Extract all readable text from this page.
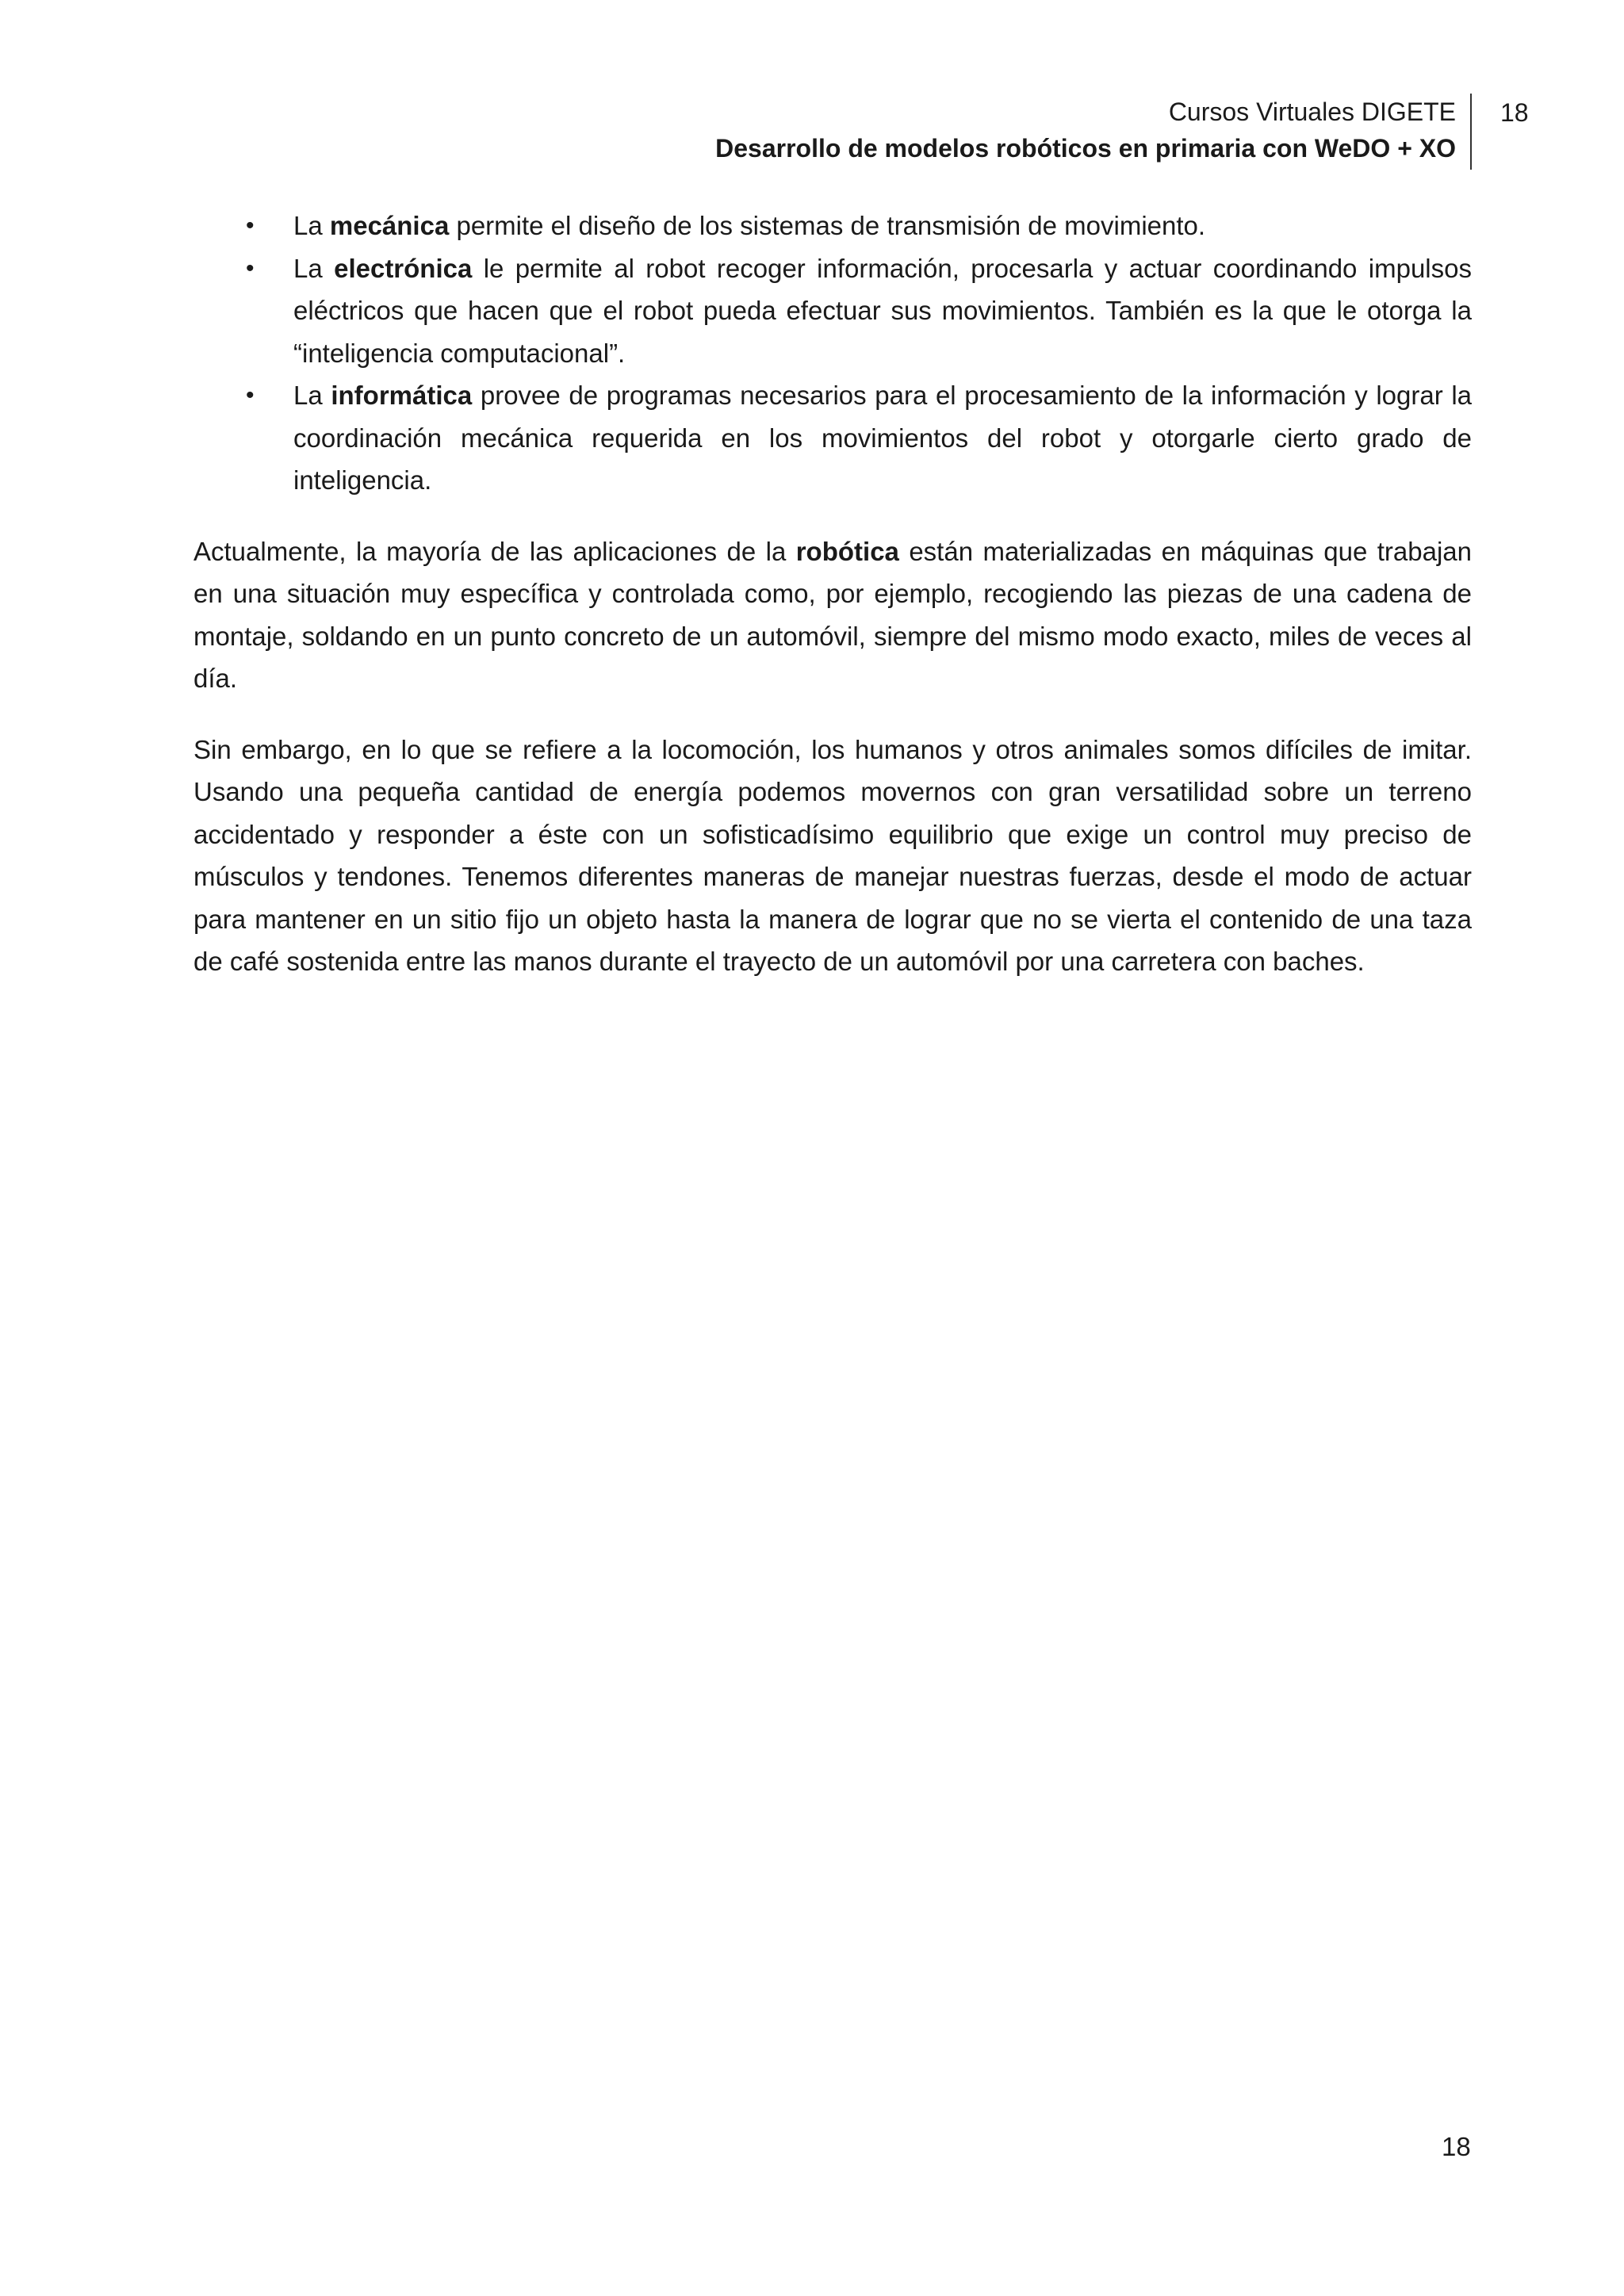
Cursos Virtuales DIGETE
Desarrollo de modelos robóticos en primaria con WeDO + XO
18
• La mecánica permite el diseño de los sistemas de transmisión de movimiento.
• La electrónica le permite al robot recoger información, procesarla y actuar coordinando impulsos eléctricos que hacen que el robot pueda efectuar sus movimientos. También es la que le otorga la “inteligencia computacional”.
• La informática provee de programas necesarios para el procesamiento de la información y lograr la coordinación mecánica requerida en los movimientos del robot y otorgarle cierto grado de inteligencia.

Actualmente, la mayoría de las aplicaciones de la robótica están materializadas en máquinas que trabajan en una situación muy específica y controlada como, por ejemplo, recogiendo las piezas de una cadena de montaje, soldando en un punto concreto de un automóvil, siempre del mismo modo exacto, miles de veces al día.

Sin embargo, en lo que se refiere a la locomoción, los humanos y otros animales somos difíciles de imitar. Usando una pequeña cantidad de energía podemos movernos con gran versatilidad sobre un terreno accidentado y responder a éste con un sofisticadísimo equilibrio que exige un control muy preciso de músculos y tendones. Tenemos diferentes maneras de manejar nuestras fuerzas, desde el modo de actuar para mantener en un sitio fijo un objeto hasta la manera de lograr que no se vierta el contenido de una taza de café sostenida entre las manos durante el trayecto de un automóvil por una carretera con baches.

18
